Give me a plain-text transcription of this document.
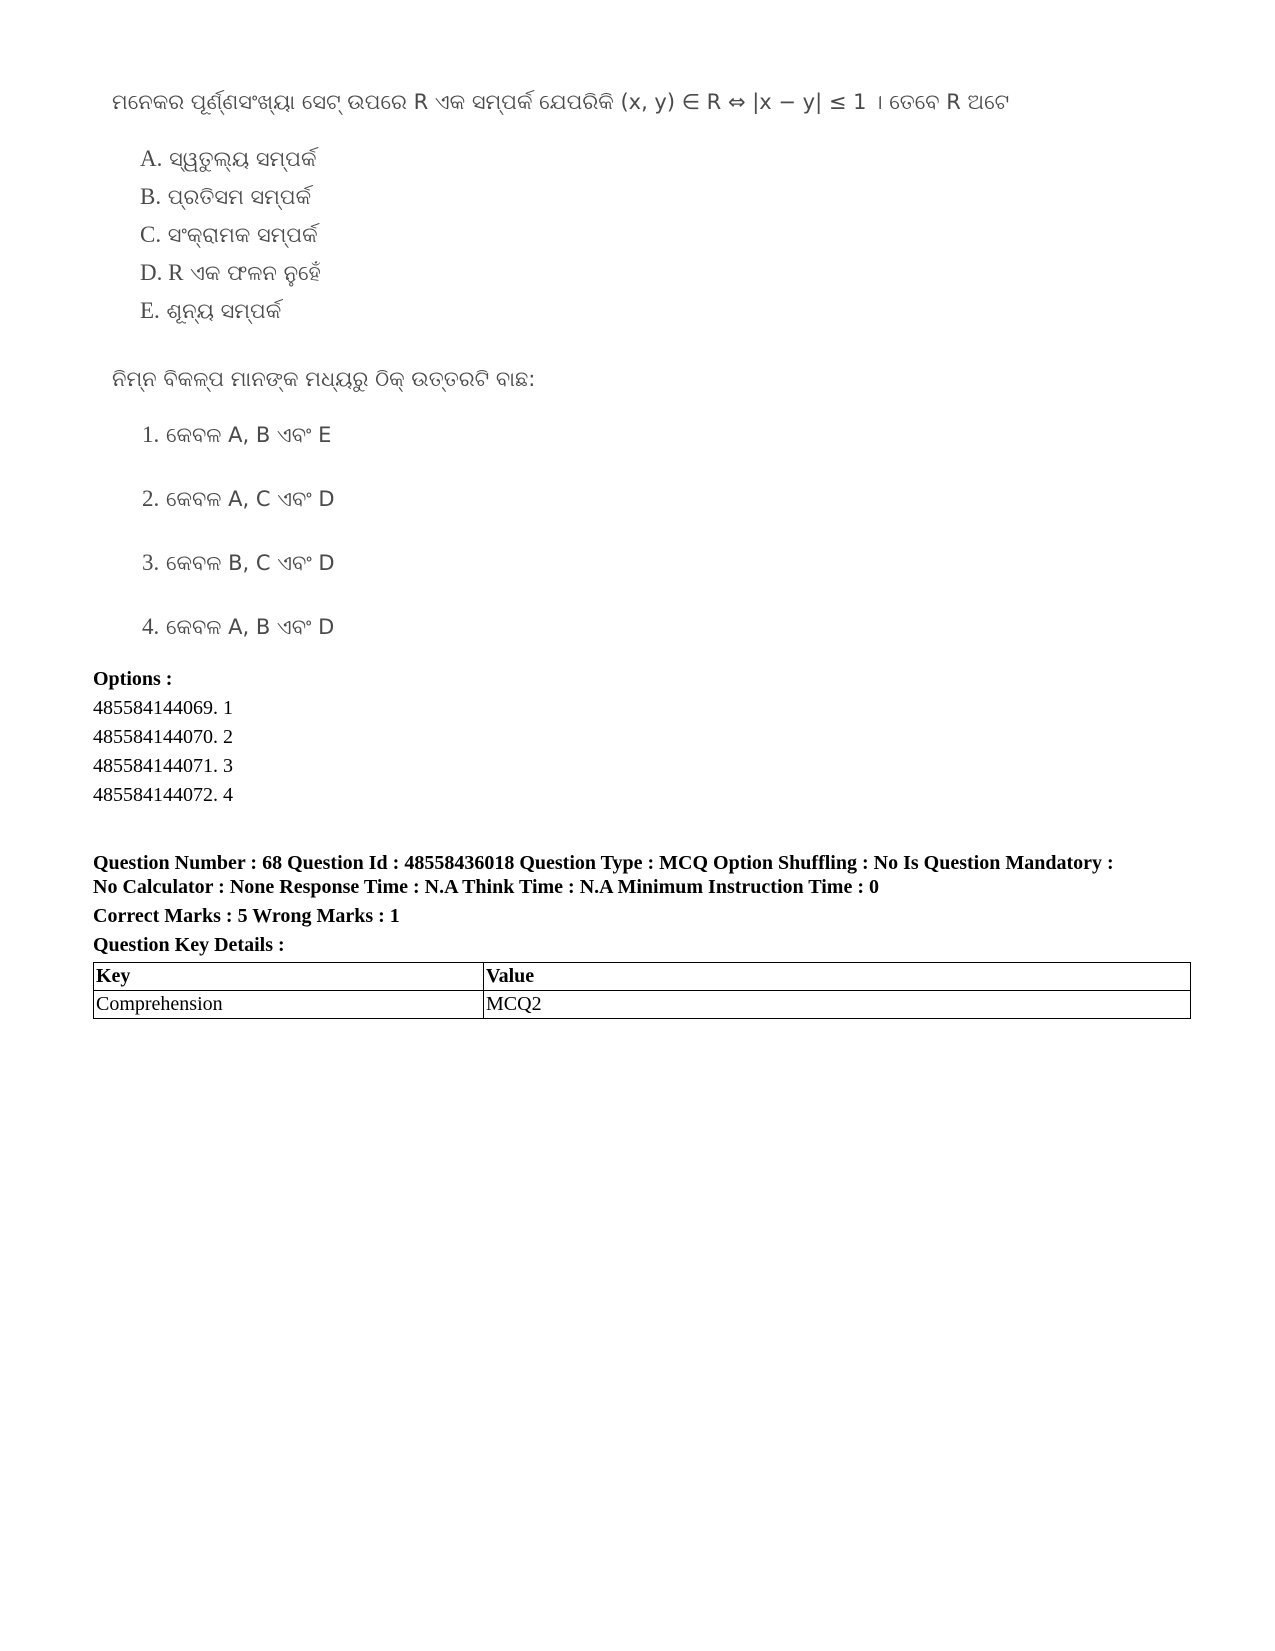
ମନେକର ପୂର୍ଣ୍ଣସଂଖ୍ୟା ସେଟ୍ ଉପରେ R ଏକ ସମ୍ପର୍କ ଯେପରିକି (x, y) ∈ R ⇔ |x − y| ≤ 1 । ତେବେ R ଅଟେ
A. ସ୍ୱତୁଲ୍ୟ ସମ୍ପର୍କ
B. ପ୍ରତିସମ ସମ୍ପର୍କ
C. ସଂକ୍ରାମକ ସମ୍ପର୍କ
D. R ଏକ ଫଳନ ନୁହେଁ
E. ଶୂନ୍ୟ ସମ୍ପର୍କ
ନିମ୍ନ ବିକଳ୍ପ ମାନଙ୍କ ମଧ୍ୟରୁ ଠିକ୍ ଉତ୍ତରଟି ବାଛ:
1. କେବଳ A, B ଏବଂ E
2. କେବଳ A, C ଏବଂ D
3. କେବଳ B, C ଏବଂ D
4. କେବଳ A, B ଏବଂ D
Options :
485584144069. 1
485584144070. 2
485584144071. 3
485584144072. 4
Question Number : 68 Question Id : 48558436018 Question Type : MCQ Option Shuffling : No Is Question Mandatory :
No Calculator : None Response Time : N.A Think Time : N.A Minimum Instruction Time : 0
Correct Marks : 5 Wrong Marks : 1
Question Key Details :
Key	Value
Comprehension	MCQ2
